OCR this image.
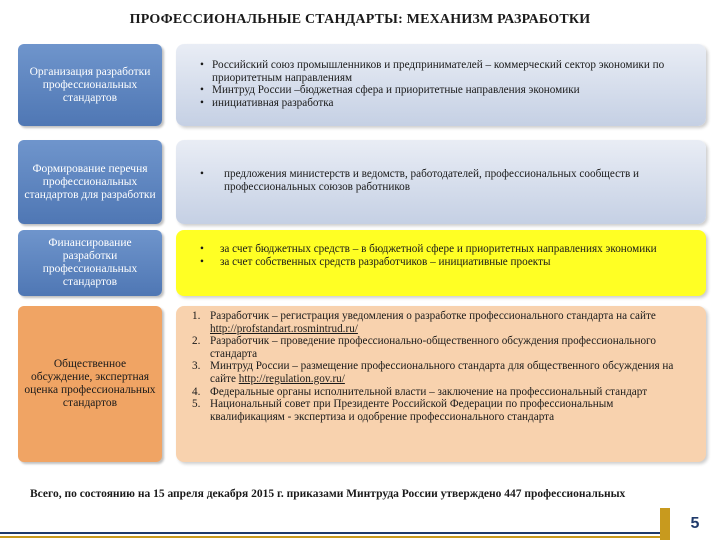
ПРОФЕССИОНАЛЬНЫЕ СТАНДАРТЫ: МЕХАНИЗМ РАЗРАБОТКИ
Организация разработки профессиональных стандартов
• Российский союз промышленников и предпринимателей – коммерческий сектор экономики по приоритетным направлениям
• Минтруд России –бюджетная сфера и приоритетные направления экономики
• инициативная разработка
Формирование перечня профессиональных стандартов для разработки
• предложения министерств и ведомств, работодателей, профессиональных сообществ и профессиональных союзов работников
Финансирование разработки профессиональных стандартов
• за счет бюджетных средств – в бюджетной сфере и приоритетных направлениях экономики
• за счет собственных средств разработчиков – инициативные проекты
Общественное обсуждение, экспертная оценка профессиональных стандартов
1. Разработчик – регистрация уведомления о разработке профессионального стандарта на сайте http://profstandart.rosmintrud.ru/
2. Разработчик – проведение профессионально-общественного обсуждения профессионального стандарта
3. Минтруд России – размещение профессионального стандарта для общественного обсуждения на сайте http://regulation.gov.ru/
4. Федеральные органы исполнительной власти – заключение на профессиональный стандарт
5. Национальный совет при Президенте Российской Федерации по профессиональным квалификациям - экспертиза и одобрение профессионального стандарта
Всего, по состоянию на 15 апреля декабря 2015 г. приказами Минтруда России утверждено 447 профессиональных
5
